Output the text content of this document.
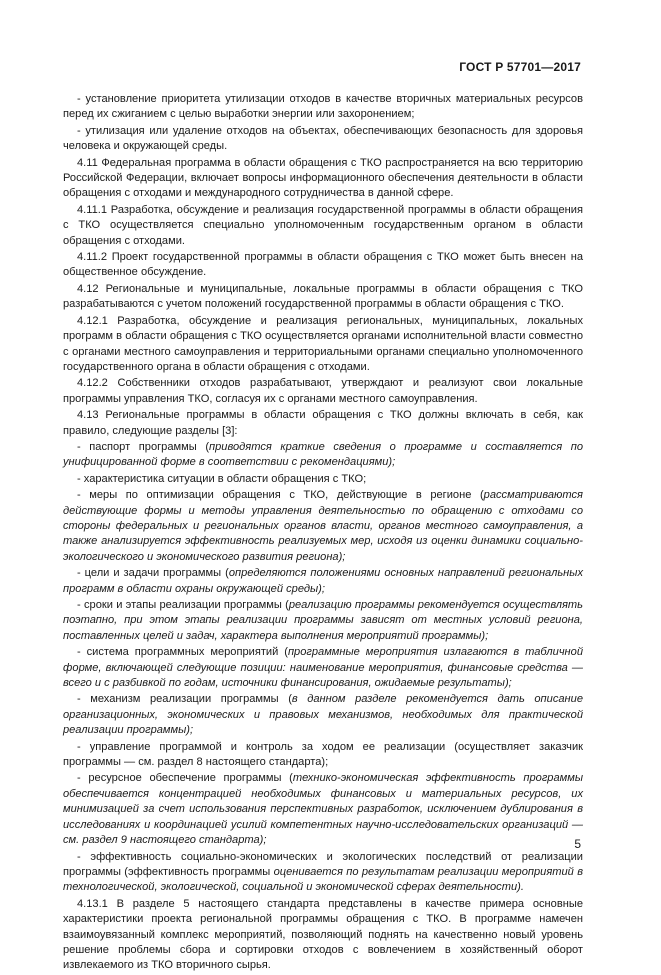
ГОСТ Р 57701—2017

- установление приоритета утилизации отходов в качестве вторичных материальных ресурсов перед их сжиганием с целью выработки энергии или захоронением;

- утилизация или удаление отходов на объектах, обеспечивающих безопасность для здоровья человека и окружающей среды.

4.11 Федеральная программа в области обращения с ТКО распространяется на всю территорию Российской Федерации, включает вопросы информационного обеспечения деятельности в области обращения с отходами и международного сотрудничества в данной сфере.

4.11.1 Разработка, обсуждение и реализация государственной программы в области обращения с ТКО осуществляется специально уполномоченным государственным органом в области обращения с отходами.

4.11.2 Проект государственной программы в области обращения с ТКО может быть внесен на общественное обсуждение.

4.12 Региональные и муниципальные, локальные программы в области обращения с ТКО разрабатываются с учетом положений государственной программы в области обращения с ТКО.

4.12.1 Разработка, обсуждение и реализация региональных, муниципальных, локальных программ в области обращения с ТКО осуществляется органами исполнительной власти совместно с органами местного самоуправления и территориальными органами специально уполномоченного государственного органа в области обращения с отходами.

4.12.2 Собственники отходов разрабатывают, утверждают и реализуют свои локальные программы управления ТКО, согласуя их с органами местного самоуправления.

4.13 Региональные программы в области обращения с ТКО должны включать в себя, как правило, следующие разделы [3]:

- паспорт программы (приводятся краткие сведения о программе и составляется по унифицированной форме в соответствии с рекомендациями);

- характеристика ситуации в области обращения с ТКО;

- меры по оптимизации обращения с ТКО, действующие в регионе (рассматриваются действующие формы и методы управления деятельностью по обращению с отходами со стороны федеральных и региональных органов власти, органов местного самоуправления, а также анализируется эффективность реализуемых мер, исходя из оценки динамики социально-экологического и экономического развития региона);

- цели и задачи программы (определяются положениями основных направлений региональных программ в области охраны окружающей среды);

- сроки и этапы реализации программы (реализацию программы рекомендуется осуществлять поэтапно, при этом этапы реализации программы зависят от местных условий региона, поставленных целей и задач, характера выполнения мероприятий программы);

- система программных мероприятий (программные мероприятия излагаются в табличной форме, включающей следующие позиции: наименование мероприятия, финансовые средства — всего и с разбивкой по годам, источники финансирования, ожидаемые результаты);

- механизм реализации программы (в данном разделе рекомендуется дать описание организационных, экономических и правовых механизмов, необходимых для практической реализации программы);

- управление программой и контроль за ходом ее реализации (осуществляет заказчик программы — см. раздел 8 настоящего стандарта);

- ресурсное обеспечение программы (технико-экономическая эффективность программы обеспечивается концентрацией необходимых финансовых и материальных ресурсов, их минимизацией за счет использования перспективных разработок, исключением дублирования в исследованиях и координацией усилий компетентных научно-исследовательских организаций — см. раздел 9 настоящего стандарта);

- эффективность социально-экономических и экологических последствий от реализации программы (эффективность программы оценивается по результатам реализации мероприятий в технологической, экологической, социальной и экономической сферах деятельности).

4.13.1 В разделе 5 настоящего стандарта представлены в качестве примера основные характеристики проекта региональной программы обращения с ТКО. В программе намечен взаимоувязанный комплекс мероприятий, позволяющий поднять на качественно новый уровень решение проблемы сбора и сортировки отходов с вовлечением в хозяйственный оборот извлекаемого из ТКО вторичного сырья.

5
